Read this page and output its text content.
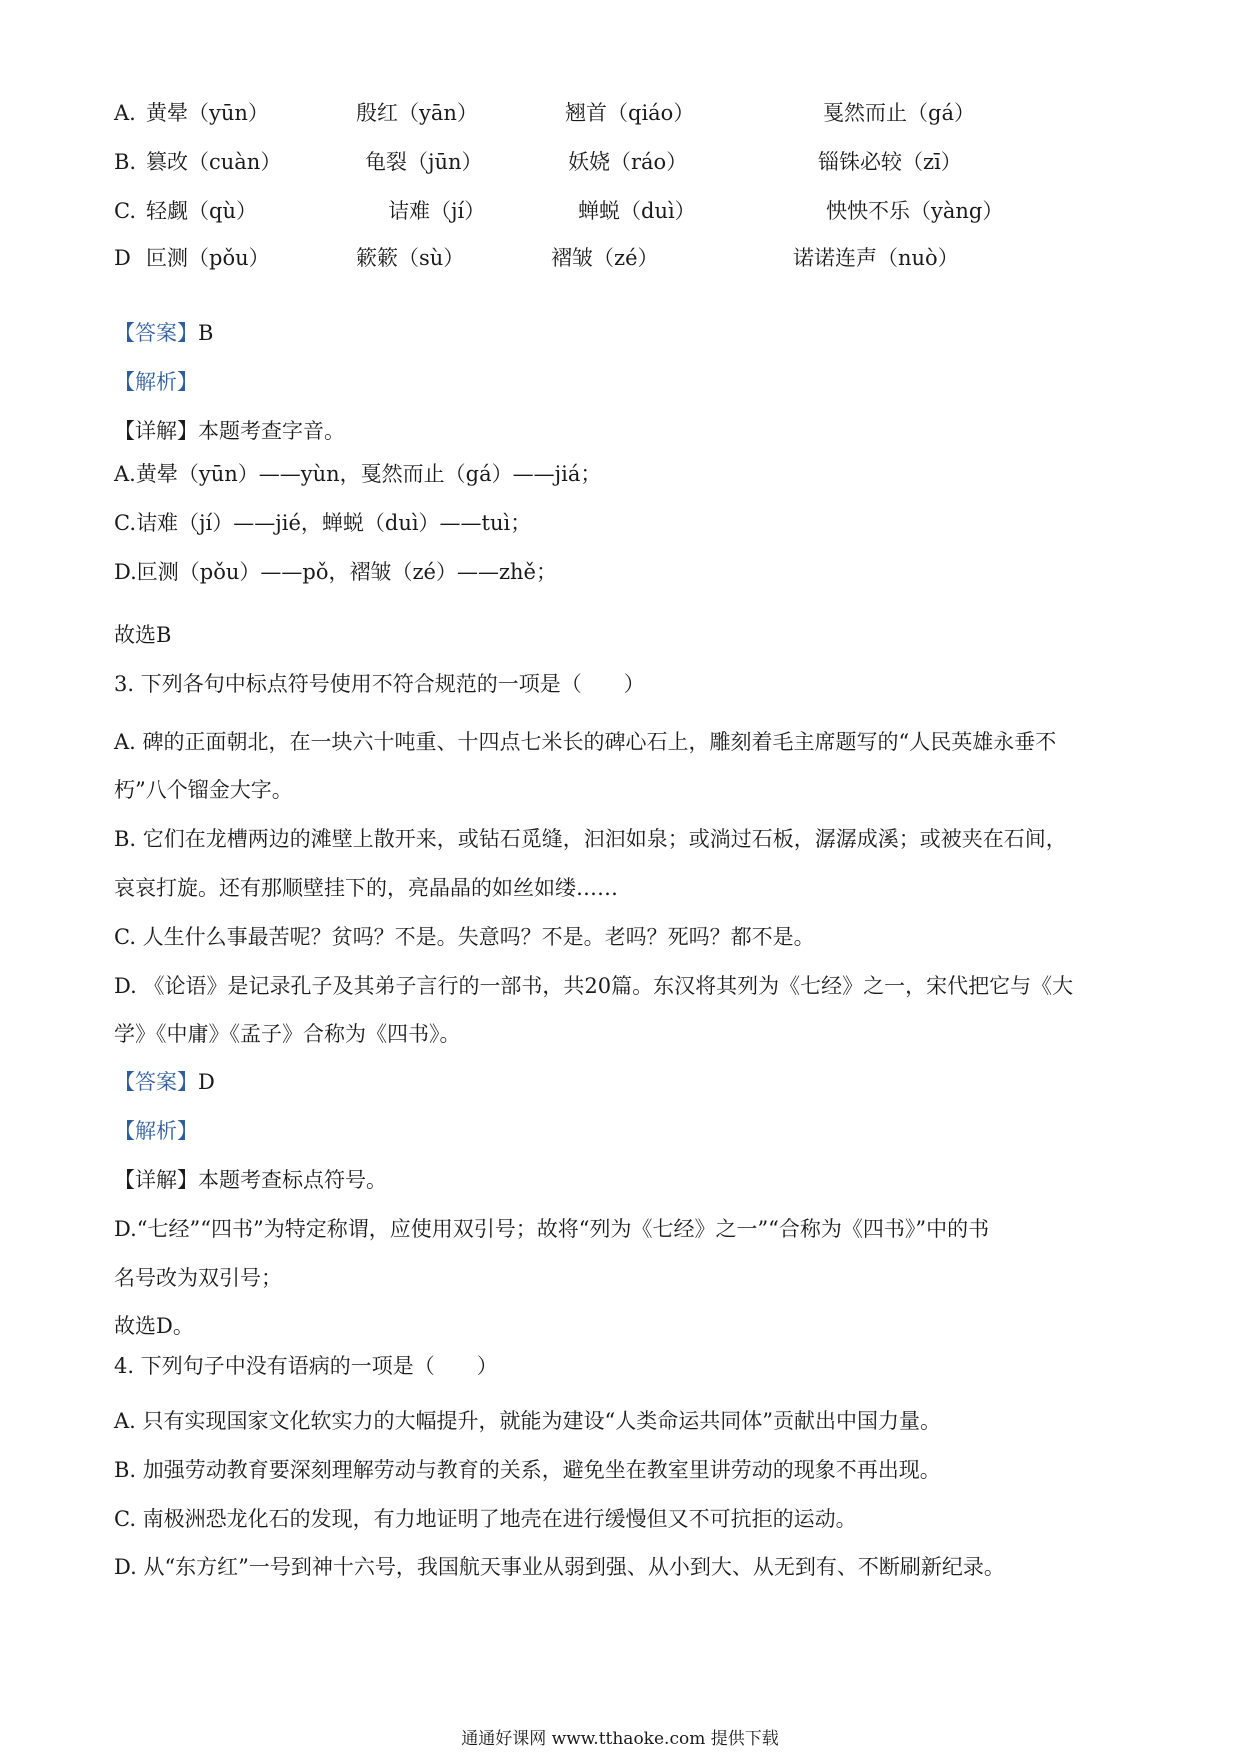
A. 黄晕（yūn）	殷红（yān）	翘首（qiáo）	戛然而止（gá）
B. 篡改（cuàn）	龟裂（jūn）	妖娆（ráo）	锱铢必较（zī）
C. 轻觑（qù）	诘难（jí）	蝉蜕（duì）	怏怏不乐（yàng）
D 叵测（pǒu）	簌簌（sù）	褶皱（zé）	诺诺连声（nuò）
【答案】B
【解析】
【详解】本题考查字音。
A.黄晕（yūn）——yùn，戛然而止（gá）——jiá；
C.诘难（jí）——jié，蝉蜕（duì）——tuì；
D.叵测（pǒu）——pǒ，褶皱（zé）——zhě；
故选B
3. 下列各句中标点符号使用不符合规范的一项是（　　）
A. 碑的正面朝北，在一块六十吨重、十四点七米长的碑心石上，雕刻着毛主席题写的“人民英雄永垂不
朽”八个镏金大字。
B. 它们在龙槽两边的滩壁上散开来，或钻石觅缝，汩汩如泉；或淌过石板，潺潺成溪；或被夹在石间，
哀哀打旋。还有那顺壁挂下的，亮晶晶的如丝如缕……
C. 人生什么事最苦呢？贫吗？不是。失意吗？不是。老吗？死吗？都不是。
D. 《论语》是记录孔子及其弟子言行的一部书，共20篇。东汉将其列为《七经》之一，宋代把它与《大
学》《中庸》《孟子》合称为《四书》。
【答案】D
【解析】
【详解】本题考查标点符号。
D.“七经”“四书”为特定称谓，应使用双引号；故将“列为《七经》之一”“合称为《四书》”中的书
名号改为双引号；
故选D。
4. 下列句子中没有语病的一项是（　　）
A. 只有实现国家文化软实力的大幅提升，就能为建设“人类命运共同体”贡献出中国力量。
B. 加强劳动教育要深刻理解劳动与教育的关系，避免坐在教室里讲劳动的现象不再出现。
C. 南极洲恐龙化石的发现，有力地证明了地壳在进行缓慢但又不可抗拒的运动。
D. 从“东方红”一号到神十六号，我国航天事业从弱到强、从小到大、从无到有、不断刷新纪录。
通通好课网 www.tthaoke.com 提供下载
